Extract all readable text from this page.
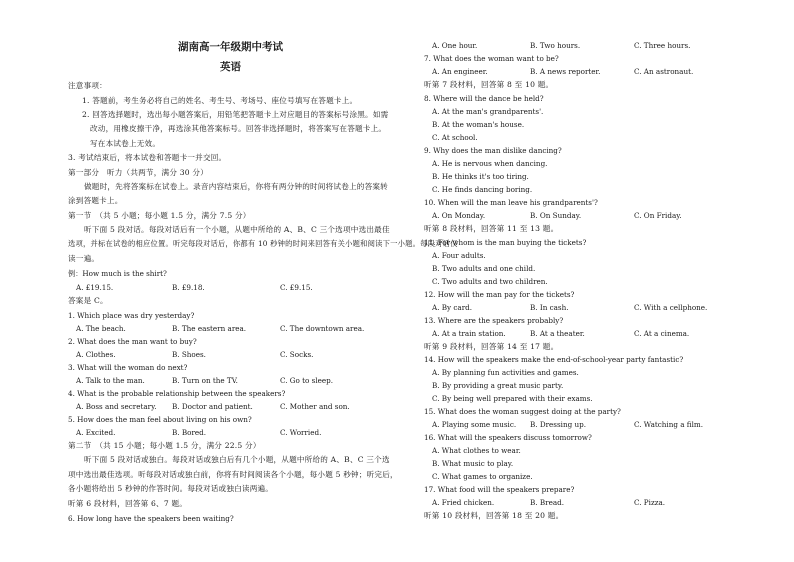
湖南高一年级期中考试
英语
注意事项：
1. 答题前，考生务必将自己的姓名、考生号、考场号、座位号填写在答题卡上。
2. 回答选择题时，选出每小题答案后，用铅笔把答题卡上对应题目的答案标号涂黑。如需
改动，用橡皮擦干净，再选涂其他答案标号。回答非选择题时，将答案写在答题卡上。
写在本试卷上无效。
3. 考试结束后，将本试卷和答题卡一并交回。
第一部分　听力（共两节，满分 30 分）
做题时，先将答案标在试卷上。录音内容结束后，你将有两分钟的时间将试卷上的答案转
涂到答题卡上。
第一节　（共 5 小题；每小题 1.5 分，满分 7.5 分）
听下面 5 段对话。每段对话后有一个小题，从题中所给的 A、B、C 三个选项中选出最佳
选项，并标在试卷的相应位置。听完每段对话后，你都有 10 秒钟的时间来回答有关小题和阅读下一小题。每段对话仅
读一遍。
例：How much is the shirt?
A. £19.15.	B. £9.18.	C. £9.15.
答案是 C。
1. Which place was dry yesterday?
A. The beach.	B. The eastern area.	C. The downtown area.
2. What does the man want to buy?
A. Clothes.	B. Shoes.	C. Socks.
3. What will the woman do next?
A. Talk to the man.	B. Turn on the TV.	C. Go to sleep.
4. What is the probable relationship between the speakers?
A. Boss and secretary. B. Doctor and patient.	C. Mother and son.
5. How does the man feel about living on his own?
A. Excited.	B. Bored.	C. Worried.
第二节　（共 15 小题；每小题 1.5 分，满分 22.5 分）
听下面 5 段对话或独白。每段对话或独白后有几个小题，从题中所给的 A、B、C 三个选
项中选出最佳选项。听每段对话或独白前，你将有时间阅读各个小题，每小题 5 秒钟；听完后，
各小题将给出 5 秒钟的作答时间。每段对话或独白读两遍。
听第 6 段材料，回答第 6、7 题。
6. How long have the speakers been waiting?
A. One hour.	B. Two hours.	C. Three hours.
7. What does the woman want to be?
A. An engineer.	B. A news reporter.	C. An astronaut.
听第 7 段材料，回答第 8 至 10 题。
8. Where will the dance be held?
A. At the man's grandparents'.
B. At the woman's house.
C. At school.
9. Why does the man dislike dancing?
A. He is nervous when dancing.
B. He thinks it's too tiring.
C. He finds dancing boring.
10. When will the man leave his grandparents'?
A. On Monday.	B. On Sunday.	C. On Friday.
听第 8 段材料，回答第 11 至 13 题。
11. For whom is the man buying the tickets?
A. Four adults.
B. Two adults and one child.
C. Two adults and two children.
12. How will the man pay for the tickets?
A. By card.	B. In cash.	C. With a cellphone.
13. Where are the speakers probably?
A. At a train station.	B. At a theater.	C. At a cinema.
听第 9 段材料，回答第 14 至 17 题。
14. How will the speakers make the end-of-school-year party fantastic?
A. By planning fun activities and games.
B. By providing a great music party.
C. By being well prepared with their exams.
15. What does the woman suggest doing at the party?
A. Playing some music. B. Dressing up.	C. Watching a film.
16. What will the speakers discuss tomorrow?
A. What clothes to wear.
B. What music to play.
C. What games to organize.
17. What food will the speakers prepare?
A. Fried chicken.	B. Bread.	C. Pizza.
听第 10 段材料，回答第 18 至 20 题。
